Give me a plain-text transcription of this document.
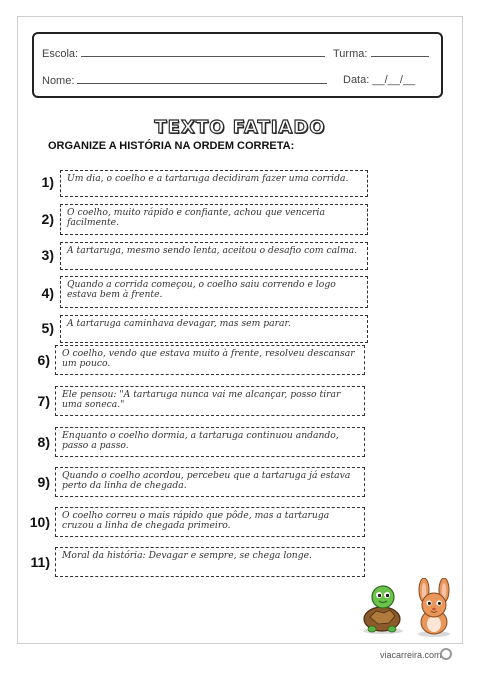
Escola:	Turma:
Nome:	Data: __/__/__
TEXTO FATIADO
ORGANIZE A HISTÓRIA NA ORDEM CORRETA:
1) Um dia, o coelho e a tartaruga decidiram fazer uma corrida.
2) O coelho, muito rápido e confiante, achou que venceria facilmente.
3) A tartaruga, mesmo sendo lenta, aceitou o desafio com calma.
4)
Quando a corrida começou, o coelho saiu correndo e logo estava bem à frente.
5) A tartaruga caminhava devagar, mas sem parar.
6) O coelho, vendo que estava muito à frente, resolveu descansar um pouco.
7) Ele pensou: "A tartaruga nunca vai me alcançar, posso tirar uma soneca."
8) Enquanto o coelho dormia, a tartaruga continuou andando, passo a passo.
9) Quando o coelho acordou, percebeu que a tartaruga já estava perto da linha de chegada.
10) O coelho correu o mais rápido que pôde, mas a tartaruga cruzou a linha de chegada primeiro.
11) Moral da história: Devagar e sempre, se chega longe.
viacarreira.com
